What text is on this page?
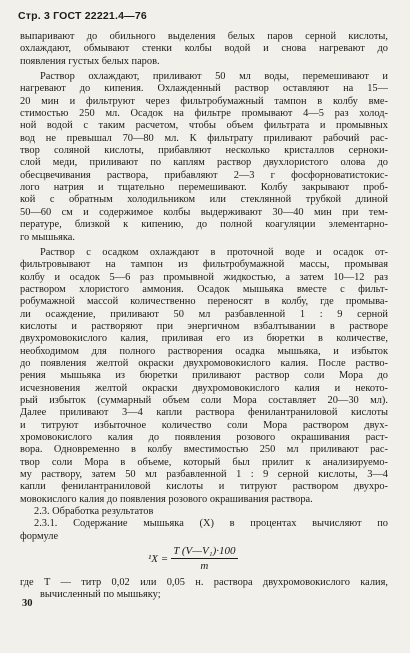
Стр. 3 ГОСТ 22221.4—76
выпаривают до обильного выделения белых паров серной кислоты,
охлаждают, обмывают стенки колбы водой и снова нагревают до
появления густых белых паров.
Раствор охлаждают, приливают 50 мл воды, перемешивают и
нагревают до кипения. Охлажденный раствор оставляют на 15—
20 мин и фильтруют через фильтробумажный тампон в колбу вме-
стимостью 250 мл. Осадок на фильтре промывают 4—5 раз холод-
ной водой с таким расчетом, чтобы объем фильтрата и промывных
вод не превышал 70—80 мл. К фильтрату приливают рабочий рас-
твор соляной кислоты, прибавляют несколько кристаллов серноки-
слой меди, приливают по каплям раствор двухлористого олова до
обесцвечивания раствора, прибавляют 2—3 г фосфорноватистокис-
лого натрия и тщательно перемешивают. Колбу закрывают проб-
кой с обратным холодильником или стеклянной трубкой длиной
50—60 см и содержимое колбы выдерживают 30—40 мин при тем-
пературе, близкой к кипению, до полной коагуляции элементарно-
го мышьяка.
Раствор с осадком охлаждают в проточной воде и осадок от-
фильтровывают на тампон из фильтробумажной массы, промывая
колбу и осадок 5—6 раз промывной жидкостью, а затем 10—12 раз
раствором хлористого аммония. Осадок мышьяка вместе с фильт-
робумажной массой количественно переносят в колбу, где промыва-
ли осаждение, приливают 50 мл разбавленной 1 : 9 серной
кислоты и растворяют при энергичном взбалтывании в растворе
двухромовокислого калия, приливая его из бюретки в количестве,
необходимом для полного растворения осадка мышьяка, и избыток
до появления желтой окраски двухромовокислого калия. После раство-
рения мышьяка из бюретки приливают раствор соли Мора до
исчезновения желтой окраски двухромовокислого калия и некото-
рый избыток (суммарный объем соли Мора составляет 20—30 мл).
Далее приливают 3—4 капли раствора фенилантраниловой кислоты
и титруют избыточное количество соли Мора раствором двух-
хромовокислого калия до появления розового окрашивания раст-
вора. Одновременно в колбу вместимостью 250 мл приливают рас-
твор соли Мора в объеме, который был прилит к анализируемо-
му раствору, затем 50 мл разбавленной 1 : 9 серной кислоты, 3—4
капли фенилантраниловой кислоты и титруют раствором двухро-
мовокислого калия до появления розового окрашивания раствора.
2.3. Обработка результатов
2.3.1. Содержание мышьяка (X) в процентах вычисляют по
формуле
$^1X = \frac{\text{T (V—V₁)·100}}{m}$
где T — титр 0,02 или 0,05 н. раствора двухромовокислого калия,
вычисленный по мышьяку;
30
